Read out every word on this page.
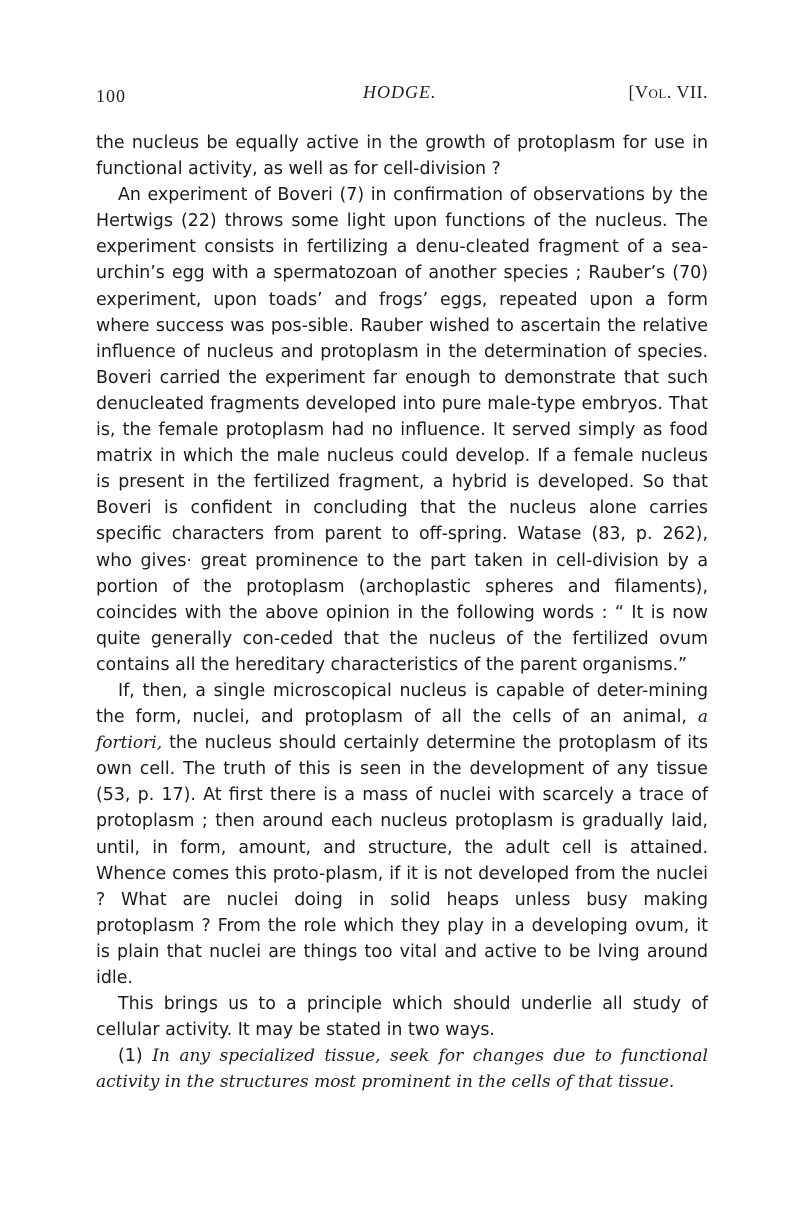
100	HODGE.	[Vol. VII.

the nucleus be equally active in the growth of protoplasm for use in functional activity, as well as for cell-division ?

An experiment of Boveri (7) in confirmation of observations by the Hertwigs (22) throws some light upon functions of the nucleus. The experiment consists in fertilizing a denu-cleated fragment of a sea-urchin’s egg with a spermatozoan of another species ; Rauber’s (70) experiment, upon toads’ and frogs’ eggs, repeated upon a form where success was pos-sible. Rauber wished to ascertain the relative influence of nucleus and protoplasm in the determination of species. Boveri carried the experiment far enough to demonstrate that such denucleated fragments developed into pure male-type embryos. That is, the female protoplasm had no influence. It served simply as food matrix in which the male nucleus could develop. If a female nucleus is present in the fertilized fragment, a hybrid is developed. So that Boveri is confident in concluding that the nucleus alone carries specific characters from parent to off-spring. Watase (83, p. 262), who gives· great prominence to the part taken in cell-division by a portion of the protoplasm (archoplastic spheres and filaments), coincides with the above opinion in the following words : “ It is now quite generally con-ceded that the nucleus of the fertilized ovum contains all the hereditary characteristics of the parent organisms.”

If, then, a single microscopical nucleus is capable of deter-mining the form, nuclei, and protoplasm of all the cells of an animal, a fortiori, the nucleus should certainly determine the protoplasm of its own cell. The truth of this is seen in the development of any tissue (53, p. 17). At first there is a mass of nuclei with scarcely a trace of protoplasm ; then around each nucleus protoplasm is gradually laid, until, in form, amount, and structure, the adult cell is attained. Whence comes this proto-plasm, if it is not developed from the nuclei ? What are nuclei doing in solid heaps unless busy making protoplasm ? From the role which they play in a developing ovum, it is plain that nuclei are things too vital and active to be lving around idle.

This brings us to a principle which should underlie all study of cellular activity. It may be stated in two ways.

(1) In any specialized tissue, seek for changes due to functional activity in the structures most prominent in the cells of that tissue.
